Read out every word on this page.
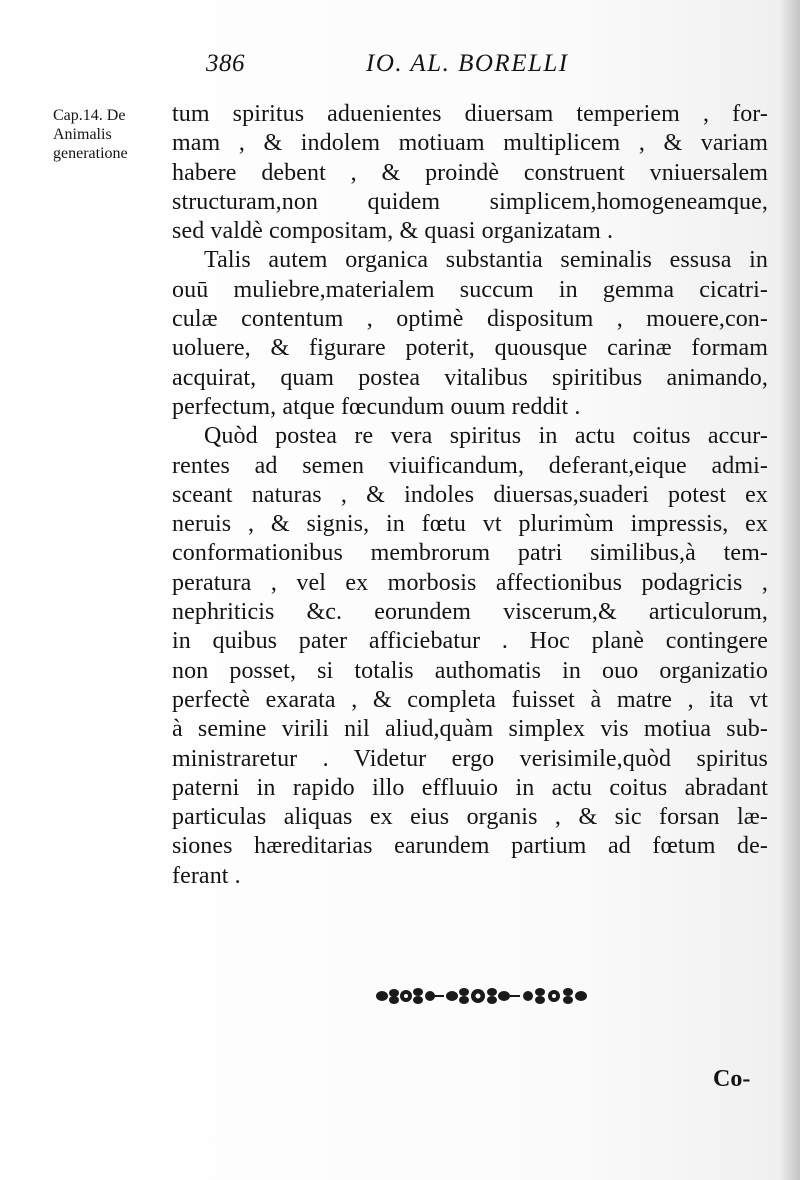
386	IO. AL. BORELLI
Cap.14. De
Animalis
generatione
tum spiritus aduenientes diuersam temperiem , for-
mam , & indolem motiuam multiplicem , & variam
habere debent , & proindè construent vniuersalem
structuram,non quidem simplicem,homogeneamque,
sed valdè compositam, & quasi organizatam .
Talis autem organica substantia seminalis essusa in
ouū muliebre,materialem succum in gemma cicatri-
culæ contentum , optimè dispositum , mouere,con-
uoluere, & figurare poterit, quousque carinæ formam
acquirat, quam postea vitalibus spiritibus animando,
perfectum, atque fœcundum ouum reddit .
Quòd postea re vera spiritus in actu coitus accur-
rentes ad semen viuificandum, deferant,eique admi-
sceant naturas , & indoles diuersas,suaderi potest ex
neruis , & signis, in fœtu vt plurimùm impressis, ex
conformationibus membrorum patri similibus,à tem-
peratura , vel ex morbosis affectionibus podagricis ,
nephriticis &c. eorundem viscerum,& articulorum,
in quibus pater afficiebatur . Hoc planè contingere
non posset, si totalis authomatis in ouo organizatio
perfectè exarata , & completa fuisset à matre , ita vt
à semine virili nil aliud,quàm simplex vis motiua sub-
ministraretur . Videtur ergo verisimile,quòd spiritus
paterni in rapido illo effluuio in actu coitus abradant
particulas aliquas ex eius organis , & sic forsan læ-
siones hæreditarias earundem partium ad fœtum de-
ferant .
Co-
